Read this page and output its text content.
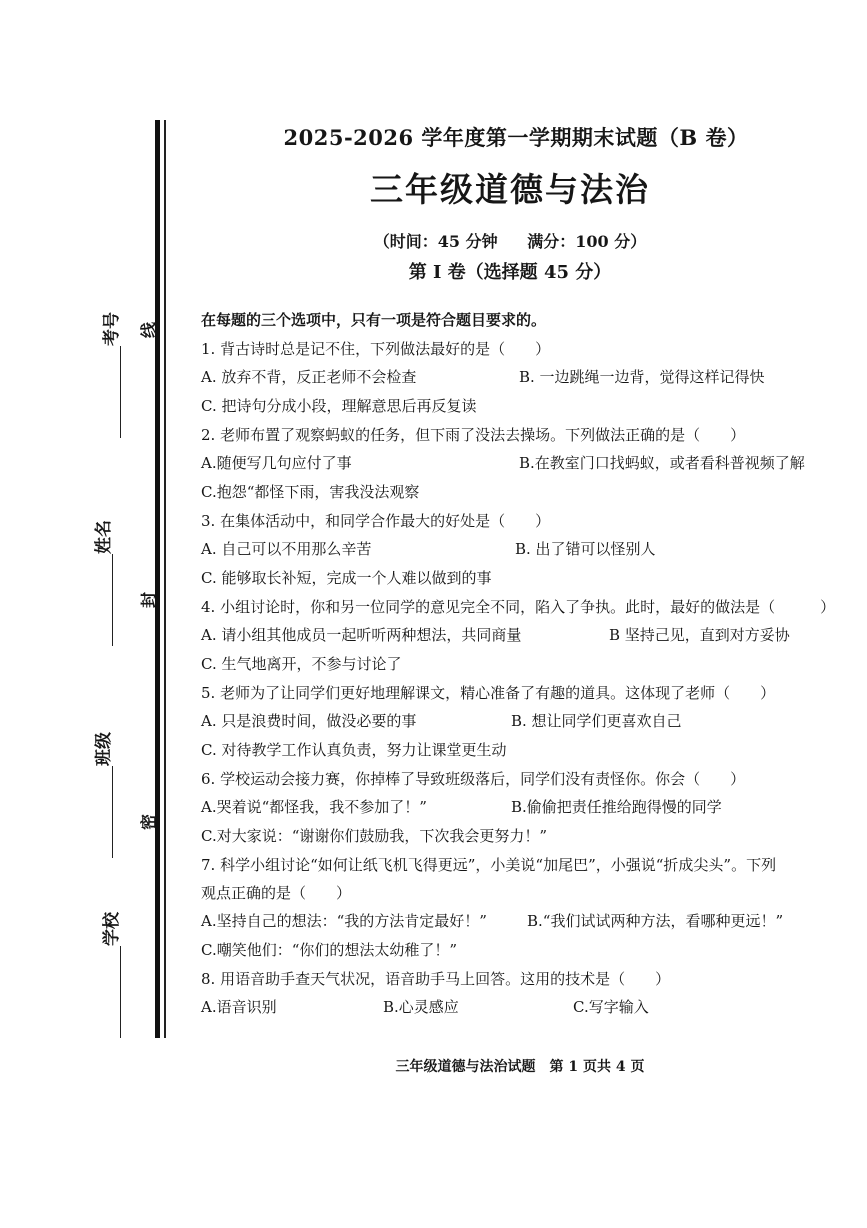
考号 线
姓名
封
班级
密
学校
2025-2026 学年度第一学期期末试题（B 卷）
三年级道德与法治
（时间：45 分钟 满分：100 分）
第 I 卷（选择题 45 分）
在每题的三个选项中，只有一项是符合题目要求的。
1. 背古诗时总是记不住，下列做法最好的是（　　）
A. 放弃不背，反正老师不会检查	B. 一边跳绳一边背，觉得这样记得快
C. 把诗句分成小段，理解意思后再反复读
2. 老师布置了观察蚂蚁的任务，但下雨了没法去操场。下列做法正确的是（　　）
A.随便写几句应付了事	B.在教室门口找蚂蚁，或者看科普视频了解
C.抱怨“都怪下雨，害我没法观察
3. 在集体活动中，和同学合作最大的好处是（　　）
A. 自己可以不用那么辛苦	B. 出了错可以怪别人
C. 能够取长补短，完成一个人难以做到的事
4. 小组讨论时，你和另一位同学的意见完全不同，陷入了争执。此时，最好的做法是（　　　）
A. 请小组其他成员一起听听两种想法，共同商量	B 坚持己见，直到对方妥协
C. 生气地离开，不参与讨论了
5. 老师为了让同学们更好地理解课文，精心准备了有趣的道具。这体现了老师（　　）
A. 只是浪费时间，做没必要的事	B. 想让同学们更喜欢自己
C. 对待教学工作认真负责，努力让课堂更生动
6. 学校运动会接力赛，你掉棒了导致班级落后，同学们没有责怪你。你会（　　）
A.哭着说“都怪我，我不参加了！”	B.偷偷把责任推给跑得慢的同学
C.对大家说：“谢谢你们鼓励我，下次我会更努力！”
7. 科学小组讨论“如何让纸飞机飞得更远”，小美说“加尾巴”，小强说“折成尖头”。下列
观点正确的是（　　）
A.坚持自己的想法：“我的方法肯定最好！”	B.“我们试试两种方法，看哪种更远！”
C.嘲笑他们：“你们的想法太幼稚了！”
8. 用语音助手查天气状况，语音助手马上回答。这用的技术是（　　）
A.语音识别	B.心灵感应	C.写字输入
三年级道德与法治试题　第 1 页共 4 页
